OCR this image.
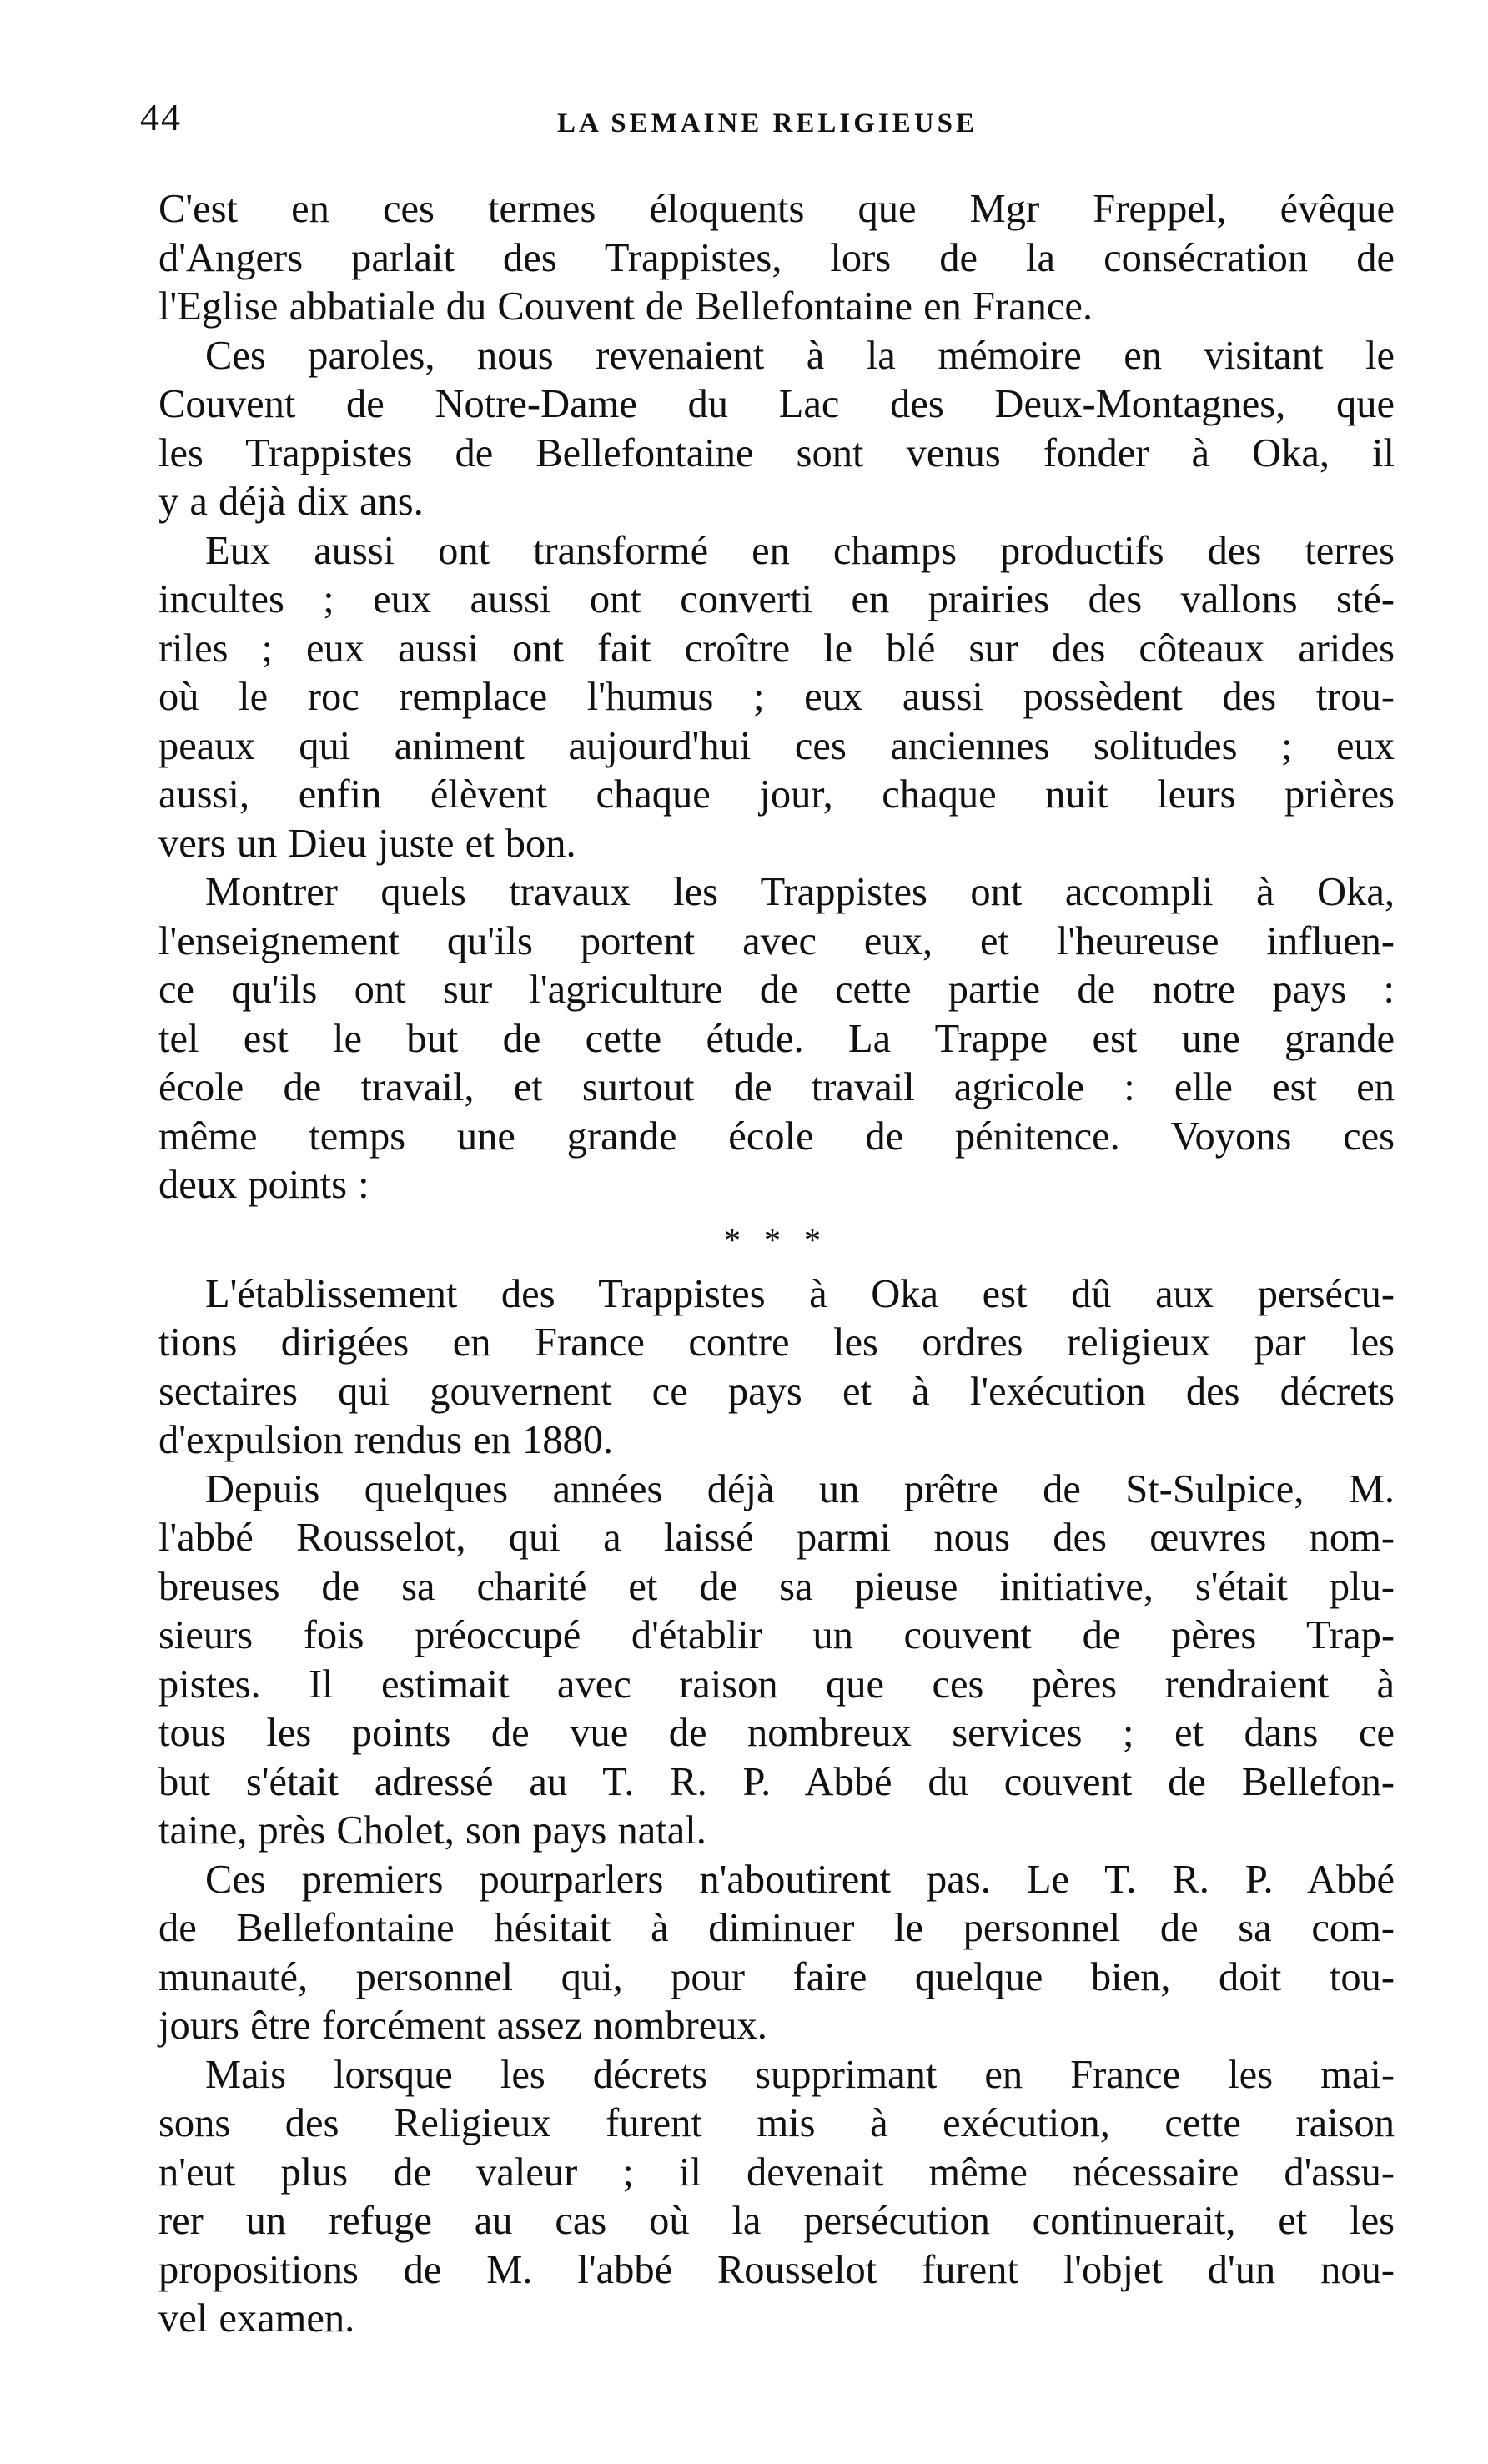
44	LA SEMAINE RELIGIEUSE
C'est en ces termes éloquents que Mgr Freppel, évêque
d'Angers parlait des Trappistes, lors de la consécration de
l'Eglise abbatiale du Couvent de Bellefontaine en France.
Ces paroles, nous revenaient à la mémoire en visitant le
Couvent de Notre-Dame du Lac des Deux-Montagnes, que
les Trappistes de Bellefontaine sont venus fonder à Oka, il
y a déjà dix ans.
Eux aussi ont transformé en champs productifs des terres
incultes ; eux aussi ont converti en prairies des vallons sté-
riles ; eux aussi ont fait croître le blé sur des côteaux arides
où le roc remplace l'humus ; eux aussi possèdent des trou-
peaux qui animent aujourd'hui ces anciennes solitudes ; eux
aussi, enfin élèvent chaque jour, chaque nuit leurs prières
vers un Dieu juste et bon.
Montrer quels travaux les Trappistes ont accompli à Oka,
l'enseignement qu'ils portent avec eux, et l'heureuse influen-
ce qu'ils ont sur l'agriculture de cette partie de notre pays :
tel est le but de cette étude. La Trappe est une grande
école de travail, et surtout de travail agricole : elle est en
même temps une grande école de pénitence. Voyons ces
deux points :
* * *
L'établissement des Trappistes à Oka est dû aux persécu-
tions dirigées en France contre les ordres religieux par les
sectaires qui gouvernent ce pays et à l'exécution des décrets
d'expulsion rendus en 1880.
Depuis quelques années déjà un prêtre de St-Sulpice, M.
l'abbé Rousselot, qui a laissé parmi nous des œuvres nom-
breuses de sa charité et de sa pieuse initiative, s'était plu-
sieurs fois préoccupé d'établir un couvent de pères Trap-
pistes. Il estimait avec raison que ces pères rendraient à
tous les points de vue de nombreux services ; et dans ce
but s'était adressé au T. R. P. Abbé du couvent de Bellefon-
taine, près Cholet, son pays natal.
Ces premiers pourparlers n'aboutirent pas. Le T. R. P. Abbé
de Bellefontaine hésitait à diminuer le personnel de sa com-
munauté, personnel qui, pour faire quelque bien, doit tou-
jours être forcément assez nombreux.
Mais lorsque les décrets supprimant en France les mai-
sons des Religieux furent mis à exécution, cette raison
n'eut plus de valeur ; il devenait même nécessaire d'assu-
rer un refuge au cas où la persécution continuerait, et les
propositions de M. l'abbé Rousselot furent l'objet d'un nou-
vel examen.
